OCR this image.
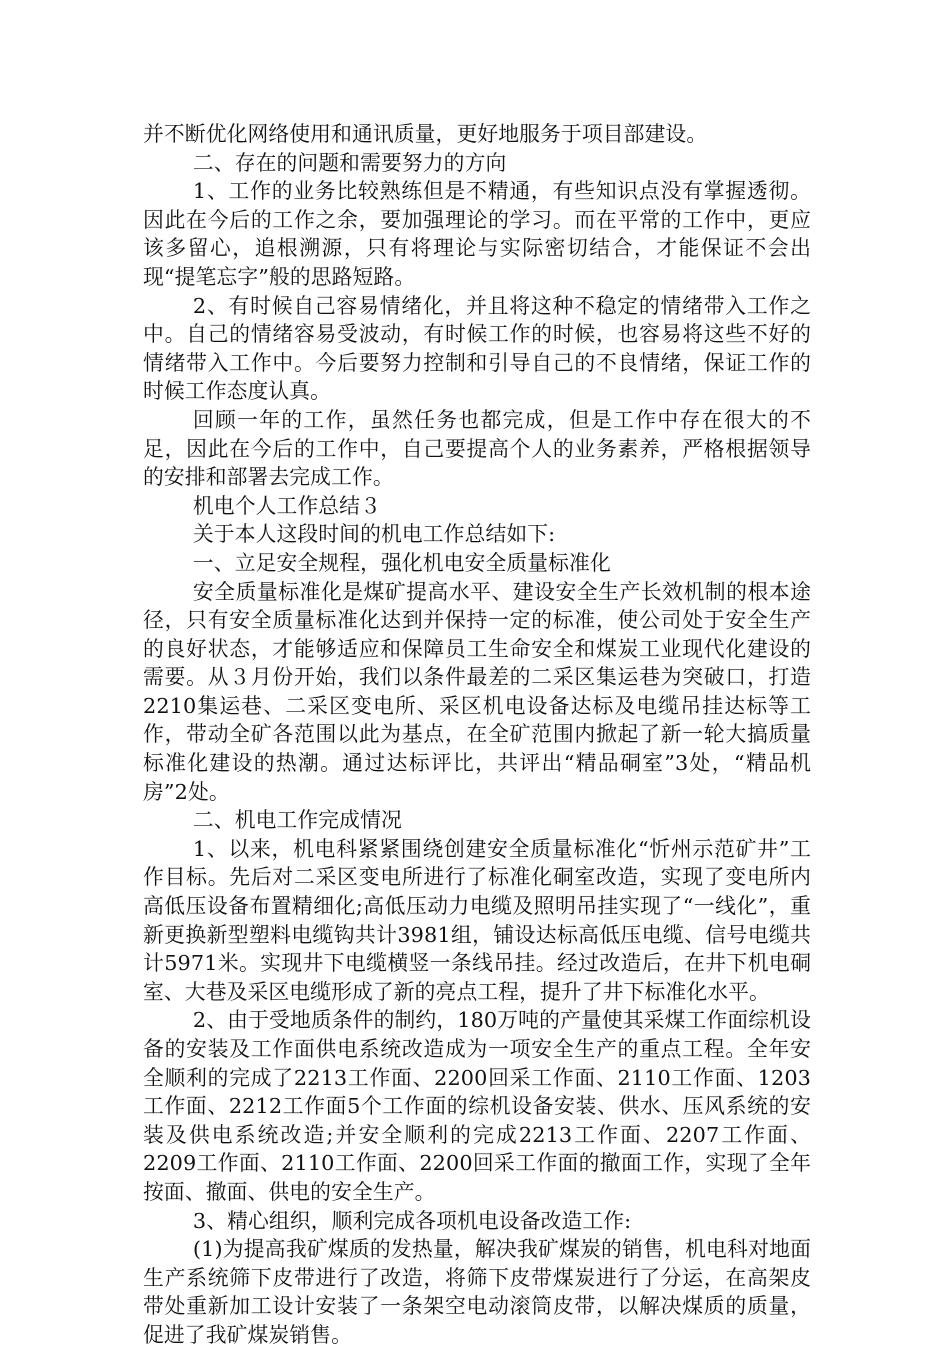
并不断优化网络使用和通讯质量，更好地服务于项目部建设。

二、存在的问题和需要努力的方向

1、工作的业务比较熟练但是不精通，有些知识点没有掌握透彻。因此在今后的工作之余，要加强理论的学习。而在平常的工作中，更应该多留心，追根溯源，只有将理论与实际密切结合，才能保证不会出现“提笔忘字”般的思路短路。

2、有时候自己容易情绪化，并且将这种不稳定的情绪带入工作之中。自己的情绪容易受波动，有时候工作的时候，也容易将这些不好的情绪带入工作中。今后要努力控制和引导自己的不良情绪，保证工作的时候工作态度认真。

回顾一年的工作，虽然任务也都完成，但是工作中存在很大的不足，因此在今后的工作中，自己要提高个人的业务素养，严格根据领导的安排和部署去完成工作。

机电个人工作总结３

关于本人这段时间的机电工作总结如下:

一、立足安全规程，强化机电安全质量标准化

安全质量标准化是煤矿提高水平、建设安全生产长效机制的根本途径，只有安全质量标准化达到并保持一定的标准，使公司处于安全生产的良好状态，才能够适应和保障员工生命安全和煤炭工业现代化建设的需要。从３月份开始，我们以条件最差的二采区集运巷为突破口，打造2210集运巷、二采区变电所、采区机电设备达标及电缆吊挂达标等工作，带动全矿各范围以此为基点，在全矿范围内掀起了新一轮大搞质量标准化建设的热潮。通过达标评比，共评出“精品硐室”3处，“精品机房”2处。

二、机电工作完成情况

1、以来，机电科紧紧围绕创建安全质量标准化“忻州示范矿井”工作目标。先后对二采区变电所进行了标准化硐室改造，实现了变电所内高低压设备布置精细化;高低压动力电缆及照明吊挂实现了“一线化”，重新更换新型塑料电缆钩共计3981组，铺设达标高低压电缆、信号电缆共计5971米。实现井下电缆横竖一条线吊挂。经过改造后，在井下机电硐室、大巷及采区电缆形成了新的亮点工程，提升了井下标准化水平。

2、由于受地质条件的制约，180万吨的产量使其采煤工作面综机设备的安装及工作面供电系统改造成为一项安全生产的重点工程。全年安全顺利的完成了2213工作面、2200回采工作面、2110工作面、1203工作面、2212工作面5个工作面的综机设备安装、供水、压风系统的安装及供电系统改造;并安全顺利的完成2213工作面、2207工作面、2209工作面、2110工作面、2200回采工作面的撤面工作，实现了全年按面、撤面、供电的安全生产。

3、精心组织，顺利完成各项机电设备改造工作:

(1)为提高我矿煤质的发热量，解决我矿煤炭的销售，机电科对地面生产系统筛下皮带进行了改造，将筛下皮带煤炭进行了分运，在高架皮带处重新加工设计安装了一条架空电动滚筒皮带，以解决煤质的质量，促进了我矿煤炭销售。
